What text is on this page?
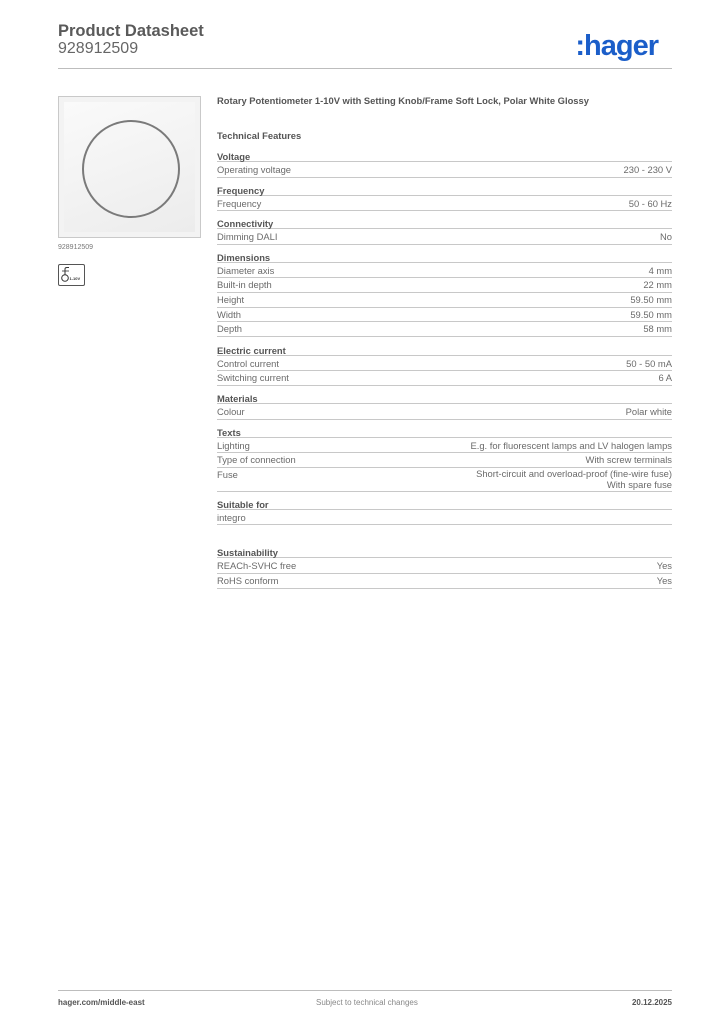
Product Datasheet
928912509	:hager
928912509
1-10V
Rotary Potentiometer 1-10V with Setting Knob/Frame Soft Lock, Polar White Glossy
Technical Features
Voltage
Operating voltage	230 - 230 V
Frequency
Frequency	50 - 60 Hz
Connectivity
Dimming DALI	No
Dimensions
Diameter axis	4 mm
Built-in depth	22 mm
Height	59.50 mm
Width	59.50 mm
Depth	58 mm
Electric current
Control current	50 - 50 mA
Switching current	6 A
Materials
Colour	Polar white
Texts
Lighting	E.g. for fluorescent lamps and LV halogen lamps
Type of connection	With screw terminals
Fuse	Short-circuit and overload-proof (fine-wire fuse)
With spare fuse
Suitable for
integro
Sustainability
REACh-SVHC free	Yes
RoHS conform	Yes
hager.com/middle-east	Subject to technical changes	20.12.2025
